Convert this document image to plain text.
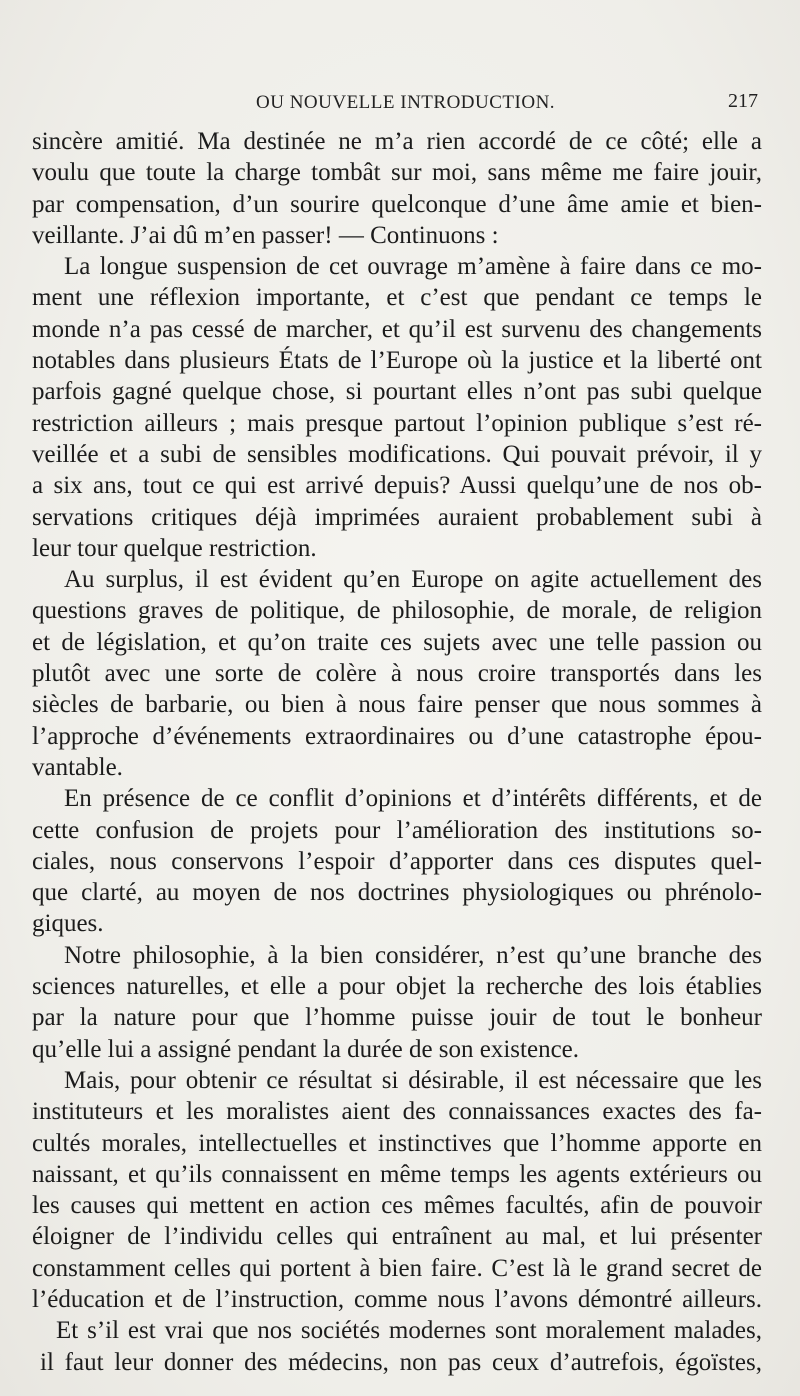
OU NOUVELLE INTRODUCTION.	217
sincère amitié. Ma destinée ne m’a rien accordé de ce côté; elle a
voulu que toute la charge tombât sur moi, sans même me faire jouir,
par compensation, d’un sourire quelconque d’une âme amie et bien-
veillante. J’ai dû m’en passer! — Continuons :
La longue suspension de cet ouvrage m’amène à faire dans ce mo-
ment une réflexion importante, et c’est que pendant ce temps le
monde n’a pas cessé de marcher, et qu’il est survenu des changements
notables dans plusieurs États de l’Europe où la justice et la liberté ont
parfois gagné quelque chose, si pourtant elles n’ont pas subi quelque
restriction ailleurs ; mais presque partout l’opinion publique s’est ré-
veillée et a subi de sensibles modifications. Qui pouvait prévoir, il y
a six ans, tout ce qui est arrivé depuis? Aussi quelqu’une de nos ob-
servations critiques déjà imprimées auraient probablement subi à
leur tour quelque restriction.
Au surplus, il est évident qu’en Europe on agite actuellement des
questions graves de politique, de philosophie, de morale, de religion
et de législation, et qu’on traite ces sujets avec une telle passion ou
plutôt avec une sorte de colère à nous croire transportés dans les
siècles de barbarie, ou bien à nous faire penser que nous sommes à
l’approche d’événements extraordinaires ou d’une catastrophe épou-
vantable.
En présence de ce conflit d’opinions et d’intérêts différents, et de
cette confusion de projets pour l’amélioration des institutions so-
ciales, nous conservons l’espoir d’apporter dans ces disputes quel-
que clarté, au moyen de nos doctrines physiologiques ou phrénolo-
giques.
Notre philosophie, à la bien considérer, n’est qu’une branche des
sciences naturelles, et elle a pour objet la recherche des lois établies
par la nature pour que l’homme puisse jouir de tout le bonheur
qu’elle lui a assigné pendant la durée de son existence.
Mais, pour obtenir ce résultat si désirable, il est nécessaire que les
instituteurs et les moralistes aient des connaissances exactes des fa-
cultés morales, intellectuelles et instinctives que l’homme apporte en
naissant, et qu’ils connaissent en même temps les agents extérieurs ou
les causes qui mettent en action ces mêmes facultés, afin de pouvoir
éloigner de l’individu celles qui entraînent au mal, et lui présenter
constamment celles qui portent à bien faire. C’est là le grand secret de
l’éducation et de l’instruction, comme nous l’avons démontré ailleurs.
Et s’il est vrai que nos sociétés modernes sont moralement malades,
il faut leur donner des médecins, non pas ceux d’autrefois, égoïstes,
